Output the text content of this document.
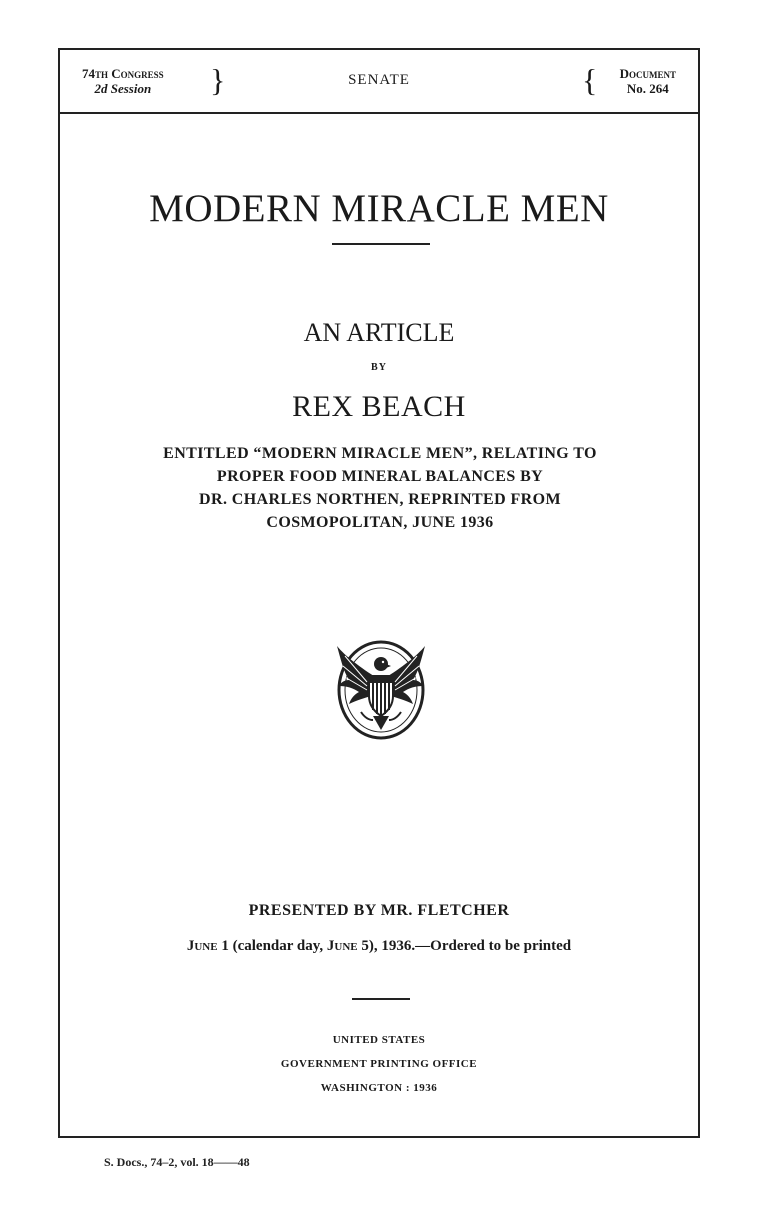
74th Congress
2d Session	}	SENATE	{ Document
No. 264
MODERN MIRACLE MEN
AN ARTICLE
BY
REX BEACH
ENTITLED “MODERN MIRACLE MEN”, RELATING TO
PROPER FOOD MINERAL BALANCES BY
DR. CHARLES NORTHEN, REPRINTED FROM
COSMOPOLITAN, JUNE 1936
PRESENTED BY MR. FLETCHER
June 1 (calendar day, June 5), 1936.—Ordered to be printed
UNITED STATES
GOVERNMENT PRINTING OFFICE
WASHINGTON : 1936
S. Docs., 74–2, vol. 18——48
